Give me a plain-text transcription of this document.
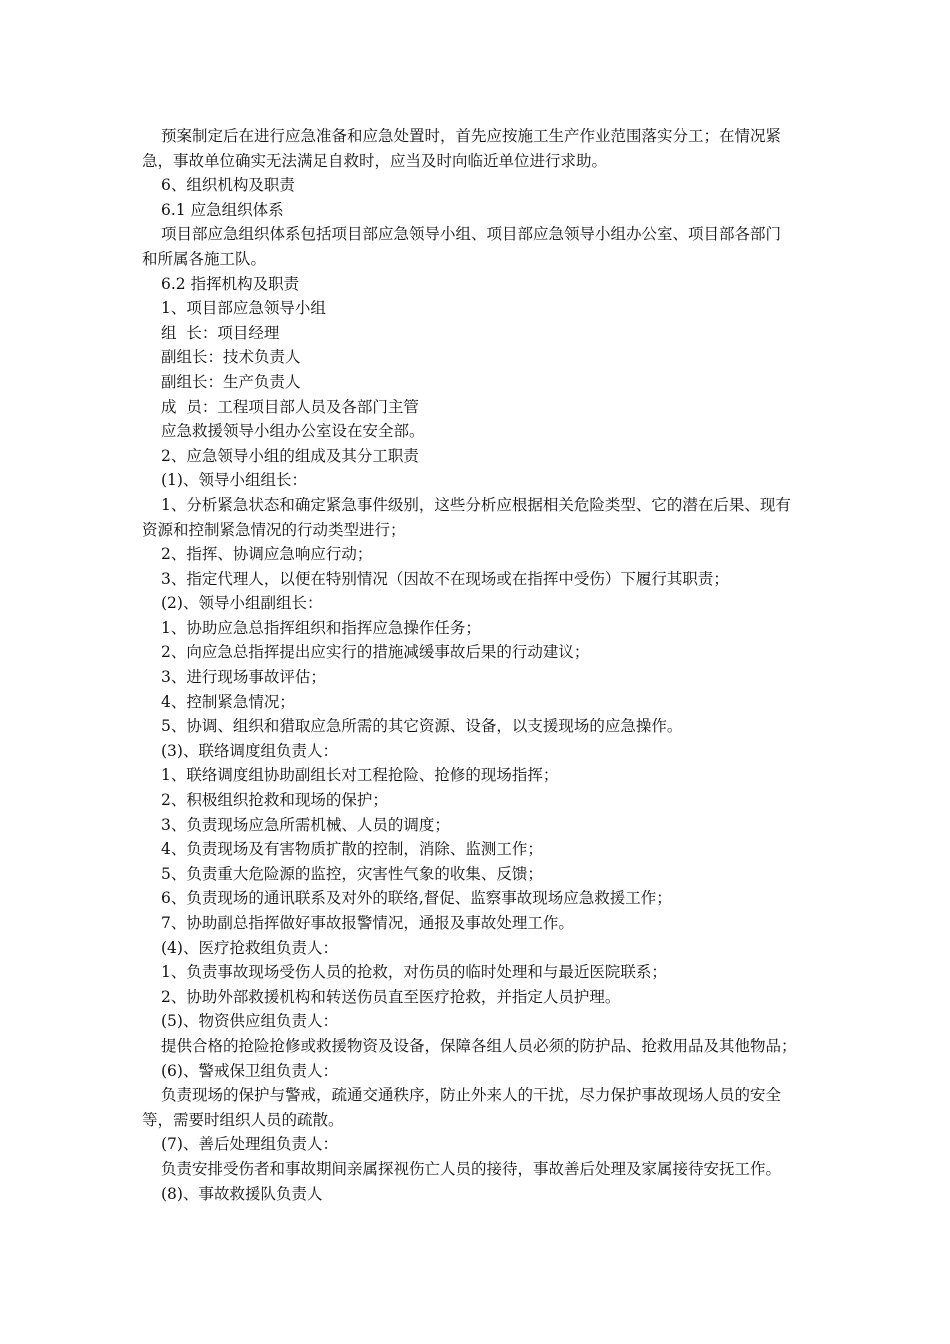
预案制定后在进行应急准备和应急处置时，首先应按施工生产作业范围落实分工；在情况紧
急，事故单位确实无法满足自救时，应当及时向临近单位进行求助。
6、组织机构及职责
6.1 应急组织体系
项目部应急组织体系包括项目部应急领导小组、项目部应急领导小组办公室、项目部各部门
和所属各施工队。
6.2 指挥机构及职责
1、项目部应急领导小组
组  长：项目经理
副组长：技术负责人
副组长：生产负责人
成  员：工程项目部人员及各部门主管
应急救援领导小组办公室设在安全部。
2、应急领导小组的组成及其分工职责
(1)、领导小组组长：
1、分析紧急状态和确定紧急事件级别，这些分析应根据相关危险类型、它的潜在后果、现有
资源和控制紧急情况的行动类型进行；
2、指挥、协调应急响应行动；
3、指定代理人，以便在特别情况（因故不在现场或在指挥中受伤）下履行其职责；
(2)、领导小组副组长：
1、协助应急总指挥组织和指挥应急操作任务；
2、向应急总指挥提出应实行的措施减缓事故后果的行动建议；
3、进行现场事故评估；
4、控制紧急情况；
5、协调、组织和猎取应急所需的其它资源、设备，以支援现场的应急操作。
(3)、联络调度组负责人：
1、联络调度组协助副组长对工程抢险、抢修的现场指挥；
2、积极组织抢救和现场的保护；
3、负责现场应急所需机械、人员的调度；
4、负责现场及有害物质扩散的控制，消除、监测工作；
5、负责重大危险源的监控，灾害性气象的收集、反馈；
6、负责现场的通讯联系及对外的联络,督促、监察事故现场应急救援工作；
7、协助副总指挥做好事故报警情况，通报及事故处理工作。
(4)、医疗抢救组负责人：
1、负责事故现场受伤人员的抢救，对伤员的临时处理和与最近医院联系；
2、协助外部救援机构和转送伤员直至医疗抢救，并指定人员护理。
(5)、物资供应组负责人：
提供合格的抢险抢修或救援物资及设备，保障各组人员必须的防护品、抢救用品及其他物品；
(6)、警戒保卫组负责人：
负责现场的保护与警戒，疏通交通秩序，防止外来人的干扰，尽力保护事故现场人员的安全
等，需要时组织人员的疏散。
(7)、善后处理组负责人：
负责安排受伤者和事故期间亲属探视伤亡人员的接待，事故善后处理及家属接待安抚工作。
(8)、事故救援队负责人
